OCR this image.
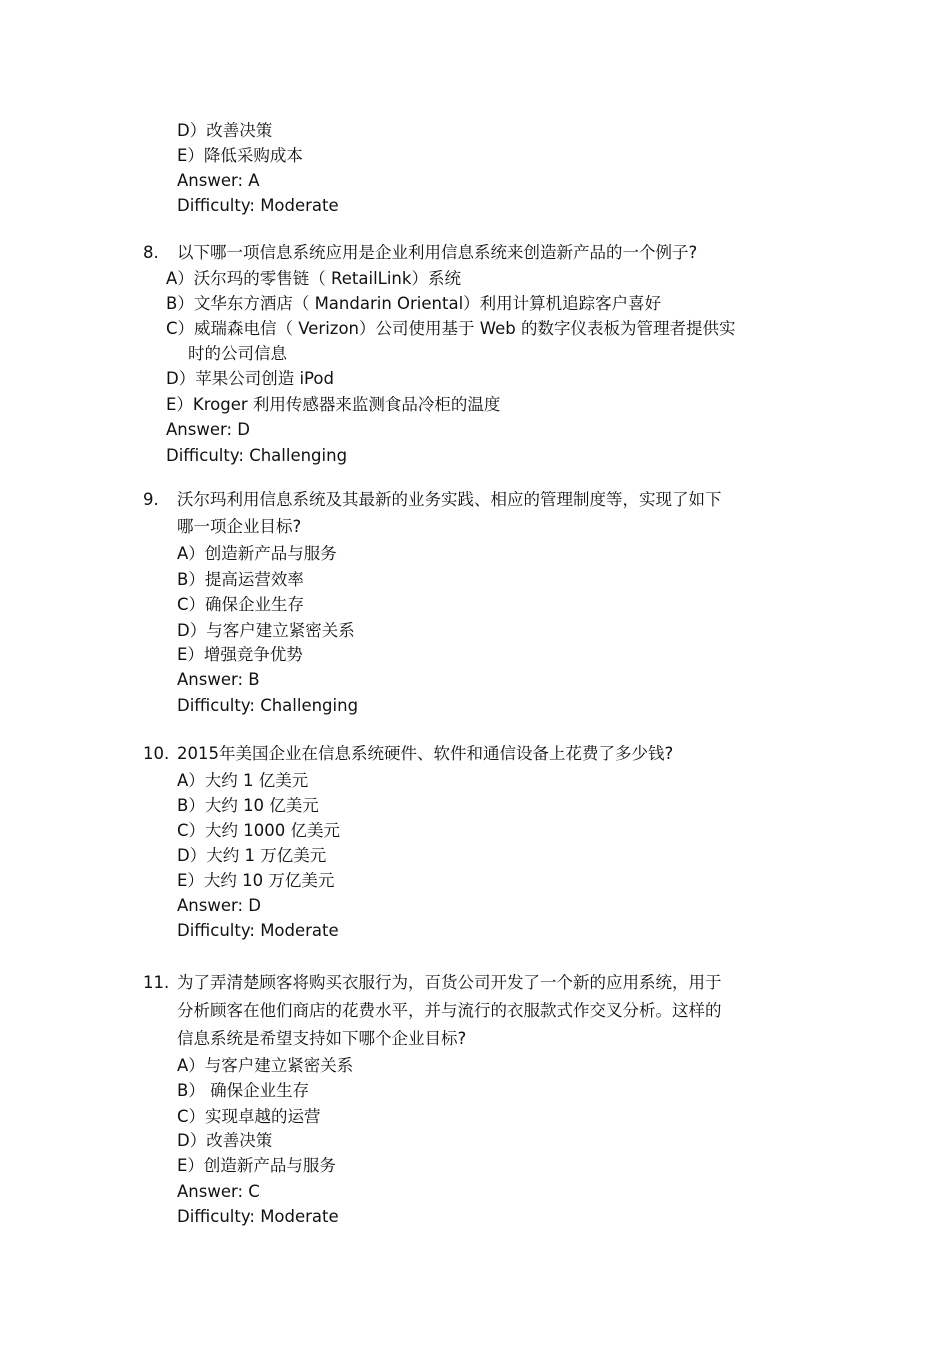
D）改善决策
E）降低采购成本
Answer: A
Difficulty: Moderate
8. 以下哪一项信息系统应用是企业利用信息系统来创造新产品的一个例子?
A）沃尔玛的零售链（ RetailLink）系统
B）文华东方酒店（ Mandarin Oriental）利用计算机追踪客户喜好
C）威瑞森电信（ Verizon）公司使用基于 Web 的数字仪表板为管理者提供实
时的公司信息
D）苹果公司创造 iPod
E）Kroger 利用传感器来监测食品冷柜的温度
Answer: D
Difficulty: Challenging
9. 沃尔玛利用信息系统及其最新的业务实践、相应的管理制度等，实现了如下
哪一项企业目标?
A）创造新产品与服务
B）提高运营效率
C）确保企业生存
D）与客户建立紧密关系
E）增强竞争优势
Answer: B
Difficulty: Challenging
10. 2015年美国企业在信息系统硬件、软件和通信设备上花费了多少钱?
A）大约 1 亿美元
B）大约 10 亿美元
C）大约 1000 亿美元
D）大约 1 万亿美元
E）大约 10 万亿美元
Answer: D
Difficulty: Moderate
11. 为了弄清楚顾客将购买衣服行为，百货公司开发了一个新的应用系统，用于
分析顾客在他们商店的花费水平，并与流行的衣服款式作交叉分析。这样的
信息系统是希望支持如下哪个企业目标?
A）与客户建立紧密关系
B） 确保企业生存
C）实现卓越的运营
D）改善决策
E）创造新产品与服务
Answer: C
Difficulty: Moderate
